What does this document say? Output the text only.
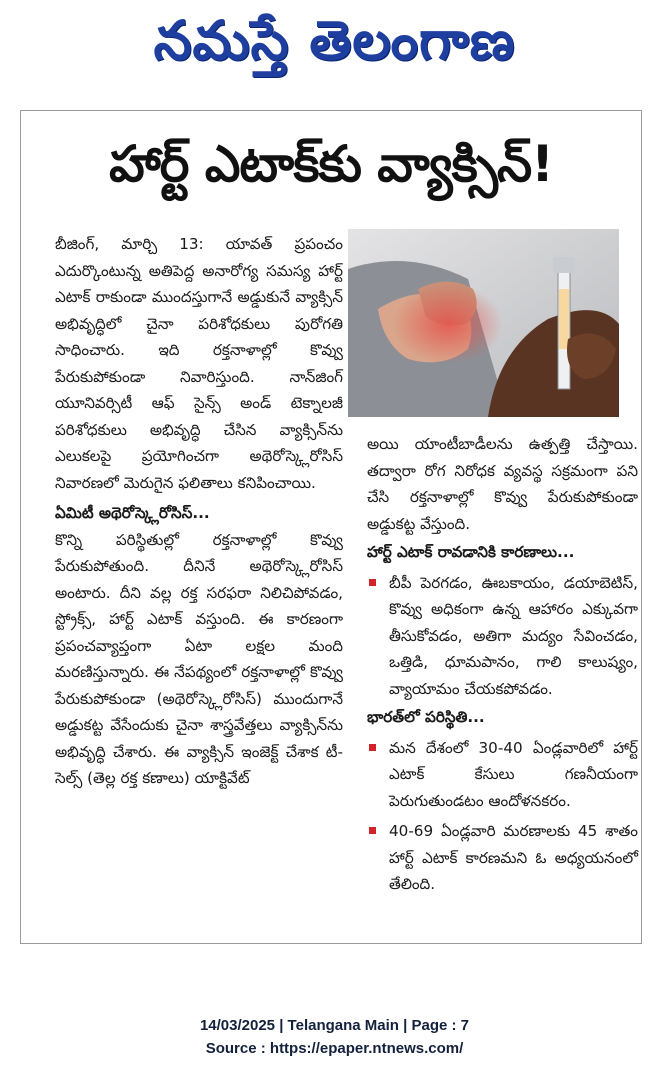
నమస్తే తెలంగాణ
హార్ట్ ఎటాక్‌కు వ్యాక్సిన్!

బీజింగ్, మార్చి 13: యావత్ ప్రపంచం ఎదుర్కొంటున్న అతిపెద్ద అనారోగ్య సమస్య హార్ట్ ఎటాక్ రాకుండా ముందస్తుగానే అడ్డుకునే వ్యాక్సిన్ అభివృద్ధిలో చైనా పరిశోధకులు పురోగతి సాధించారు. ఇది రక్తనాళాల్లో కొవ్వు పేరుకుపోకుండా నివారిస్తుంది. నాన్‌జింగ్ యూనివర్సిటీ ఆఫ్ సైన్స్ అండ్ టెక్నాలజీ పరిశోధకులు అభివృద్ధి చేసిన వ్యాక్సిన్‌ను ఎలుకలపై ప్రయోగించగా అథెరోస్క్లెరోసిస్ నివారణలో మెరుగైన ఫలితాలు కనిపించాయి.

ఏమిటీ అథెరోస్క్లెరోసిస్...

కొన్ని పరిస్థితుల్లో రక్తనాళాల్లో కొవ్వు పేరుకుపోతుంది. దీనినే అథెరోస్క్లెరోసిస్ అంటారు. దీని వల్ల రక్త సరఫరా నిలిచిపోవడం, స్ట్రోక్స్, హార్ట్ ఎటాక్ వస్తుంది. ఈ కారణంగా ప్రపంచవ్యాప్తంగా ఏటా లక్షల మంది మరణిస్తున్నారు. ఈ నేపథ్యంలో రక్తనాళాల్లో కొవ్వు పేరుకుపోకుండా (అథెరోస్క్లెరోసిస్) ముందుగానే అడ్డుకట్ట వేసేందుకు చైనా శాస్త్రవేత్తలు వ్యాక్సిన్‌ను అభివృద్ధి చేశారు. ఈ వ్యాక్సిన్ ఇంజెక్ట్ చేశాక టీ-సెల్స్ (తెల్ల రక్త కణాలు) యాక్టివేట్

అయి యాంటీబాడీలను ఉత్పత్తి చేస్తాయి. తద్వారా రోగ నిరోధక వ్యవస్థ సక్రమంగా పని చేసి రక్తనాళాల్లో కొవ్వు పేరుకుపోకుండా అడ్డుకట్ట వేస్తుంది.

హార్ట్ ఎటాక్ రావడానికి కారణాలు...

బీపీ పెరగడం, ఊబకాయం, డయాబెటిస్, కొవ్వు అధికంగా ఉన్న ఆహారం ఎక్కువగా తీసుకోవడం, అతిగా మద్యం సేవించడం, ఒత్తిడి, ధూమపానం, గాలి కాలుష్యం, వ్యాయామం చేయకపోవడం.

భారత్‌లో పరిస్థితి...

మన దేశంలో 30-40 ఏండ్లవారిలో హార్ట్ ఎటాక్ కేసులు గణనీయంగా పెరుగుతుండటం ఆందోళనకరం.
40-69 ఏండ్లవారి మరణాలకు 45 శాతం హార్ట్ ఎటాక్ కారణమని ఓ అధ్యయనంలో తేలింది.
14/03/2025 | Telangana Main | Page : 7
Source : https://epaper.ntnews.com/
